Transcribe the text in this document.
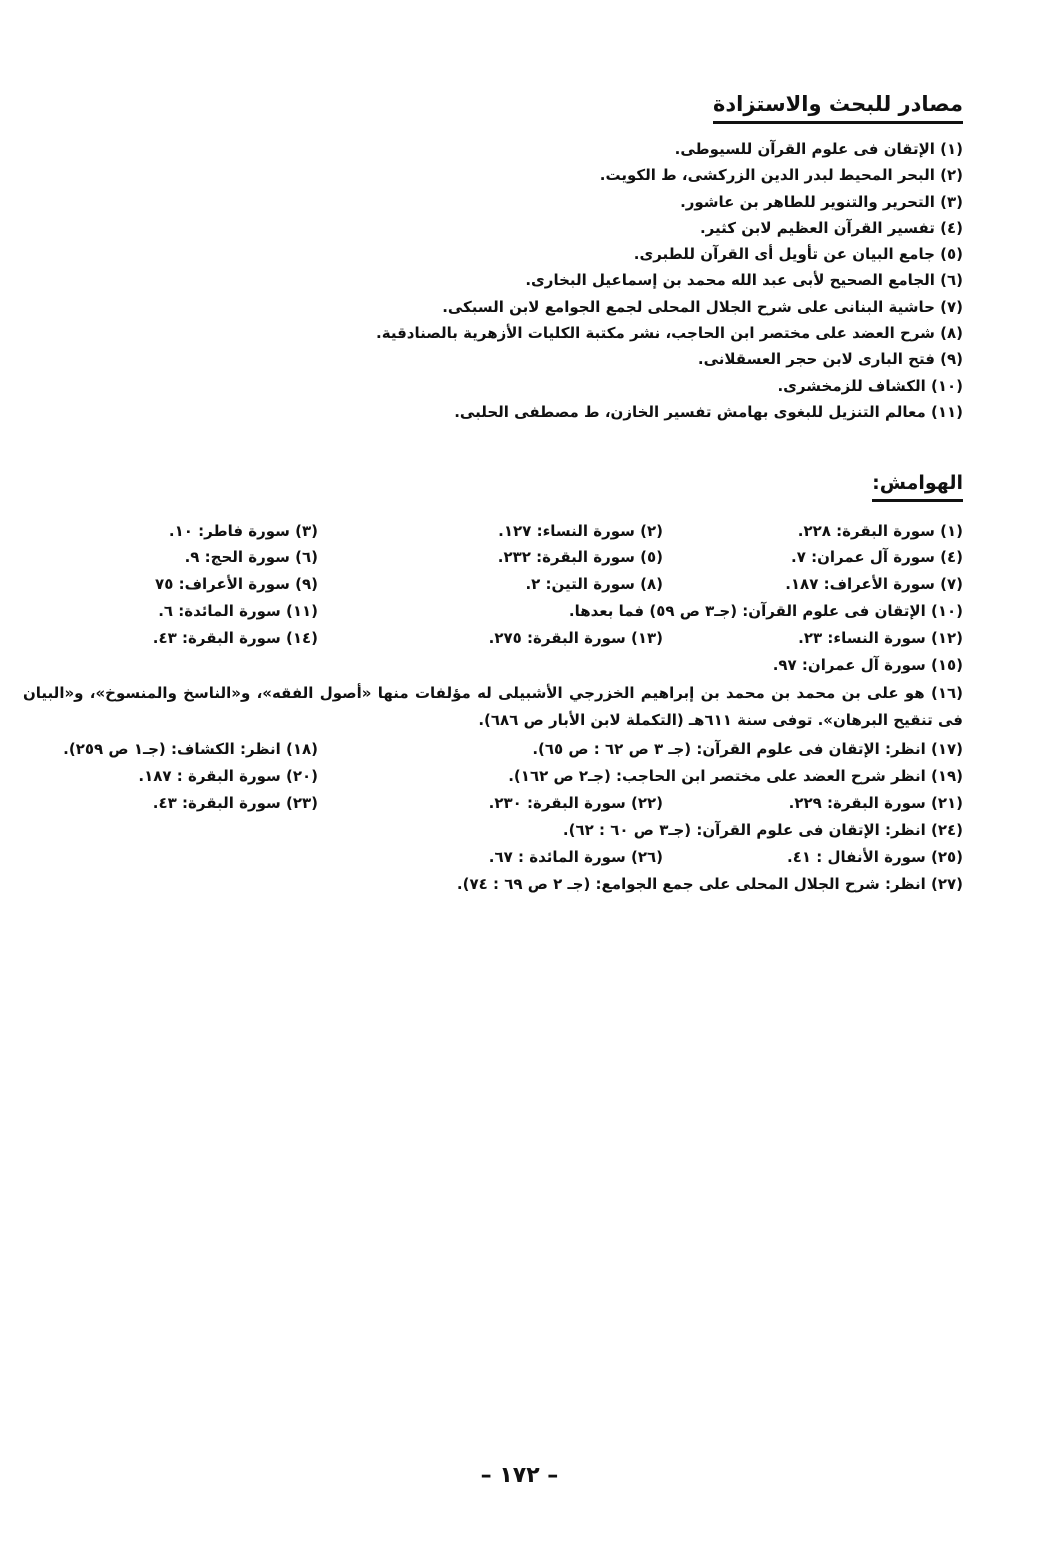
مصادر للبحث والاستزادة
(١) الإتقان فى علوم القرآن للسيوطى.
(٢) البحر المحيط لبدر الدين الزركشى، ط الكويت.
(٣) التحرير والتنوير للطاهر بن عاشور.
(٤) تفسير القرآن العظيم لابن كثير.
(٥) جامع البيان عن تأويل أى القرآن للطبرى.
(٦) الجامع الصحيح لأبى عبد الله محمد بن إسماعيل البخارى.
(٧) حاشية البنانى على شرح الجلال المحلى لجمع الجوامع لابن السبكى.
(٨) شرح العضد على مختصر ابن الحاجب، نشر مكتبة الكليات الأزهرية بالصنادقية.
(٩) فتح البارى لابن حجر العسقلانى.
(١٠) الكشاف للزمخشرى.
(١١) معالم التنزيل للبغوى بهامش تفسير الخازن، ط مصطفى الحلبى.
الهوامش:
(١) سورة البقرة: ٢٢٨.
(٢) سورة النساء: ١٢٧.
(٣) سورة فاطر: ١٠.
(٤) سورة آل عمران: ٧.
(٥) سورة البقرة: ٢٣٢.
(٦) سورة الحج: ٩.
(٧) سورة الأعراف: ١٨٧.
(٨) سورة التين: ٢.
(٩) سورة الأعراف: ٧٥
(١٠) الإتقان فى علوم القرآن: (جـ٣ ص ٥٩) فما بعدها.
(١١) سورة المائدة: ٦.
(١٢) سورة النساء: ٢٣.
(١٣) سورة البقرة: ٢٧٥.
(١٤) سورة البقرة: ٤٣.
(١٥) سورة آل عمران: ٩٧.
(١٦) هو على بن محمد بن محمد بن إبراهيم الخزرجي الأشبيلى له مؤلفات منها «أصول الفقه»، و«الناسخ والمنسوخ»، و«البيان فى تنقيح البرهان». توفى سنة ٦١١هـ (التكملة لابن الأبار ص ٦٨٦).
(١٧) انظر: الإتقان فى علوم القرآن: (جـ ٣ ص ٦٢ : ص ٦٥).
(١٨) انظر: الكشاف: (جـ١ ص ٢٥٩).
(١٩) انظر شرح العضد على مختصر ابن الحاجب: (جـ٢ ص ١٦٢).
(٢٠) سورة البقرة : ١٨٧.
(٢١) سورة البقرة: ٢٢٩.
(٢٢) سورة البقرة: ٢٣٠.
(٢٣) سورة البقرة: ٤٣.
(٢٤) انظر: الإتقان فى علوم القرآن: (جـ٣ ص ٦٠ : ٦٢).
(٢٥) سورة الأنفال : ٤١.
(٢٦) سورة المائدة : ٦٧.
(٢٧) انظر: شرح الجلال المحلى على جمع الجوامع: (جـ ٢ ص ٦٩ : ٧٤).
– ١٧٢ –
